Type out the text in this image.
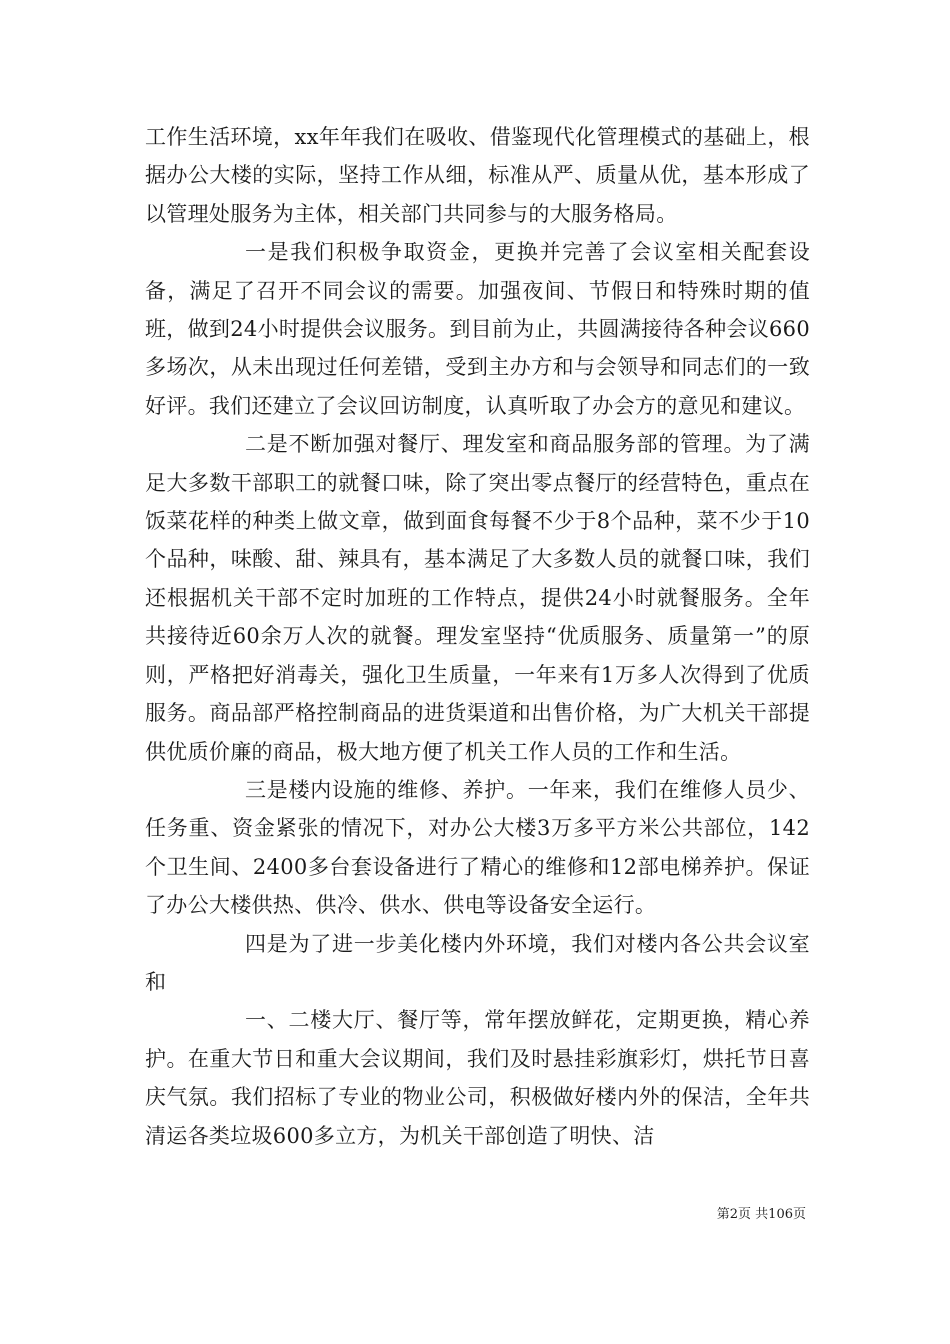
工作生活环境，xx年年我们在吸收、借鉴现代化管理模式的基础上，根据办公大楼的实际，坚持工作从细，标准从严、质量从优，基本形成了以管理处服务为主体，相关部门共同参与的大服务格局。

一是我们积极争取资金，更换并完善了会议室相关配套设备，满足了召开不同会议的需要。加强夜间、节假日和特殊时期的值班，做到24小时提供会议服务。到目前为止，共圆满接待各种会议660多场次，从未出现过任何差错，受到主办方和与会领导和同志们的一致好评。我们还建立了会议回访制度，认真听取了办会方的意见和建议。

二是不断加强对餐厅、理发室和商品服务部的管理。为了满足大多数干部职工的就餐口味，除了突出零点餐厅的经营特色，重点在饭菜花样的种类上做文章，做到面食每餐不少于8个品种，菜不少于10个品种，味酸、甜、辣具有，基本满足了大多数人员的就餐口味，我们还根据机关干部不定时加班的工作特点，提供24小时就餐服务。全年共接待近60余万人次的就餐。理发室坚持“优质服务、质量第一”的原则，严格把好消毒关，强化卫生质量，一年来有1万多人次得到了优质服务。商品部严格控制商品的进货渠道和出售价格，为广大机关干部提供优质价廉的商品，极大地方便了机关工作人员的工作和生活。

三是楼内设施的维修、养护。一年来，我们在维修人员少、任务重、资金紧张的情况下，对办公大楼3万多平方米公共部位，142个卫生间、2400多台套设备进行了精心的维修和12部电梯养护。保证了办公大楼供热、供冷、供水、供电等设备安全运行。

四是为了进一步美化楼内外环境，我们对楼内各公共会议室和

一、二楼大厅、餐厅等，常年摆放鲜花，定期更换，精心养护。在重大节日和重大会议期间，我们及时悬挂彩旗彩灯，烘托节日喜庆气氛。我们招标了专业的物业公司，积极做好楼内外的保洁，全年共清运各类垃圾600多立方，为机关干部创造了明快、洁

第2页 共106页
